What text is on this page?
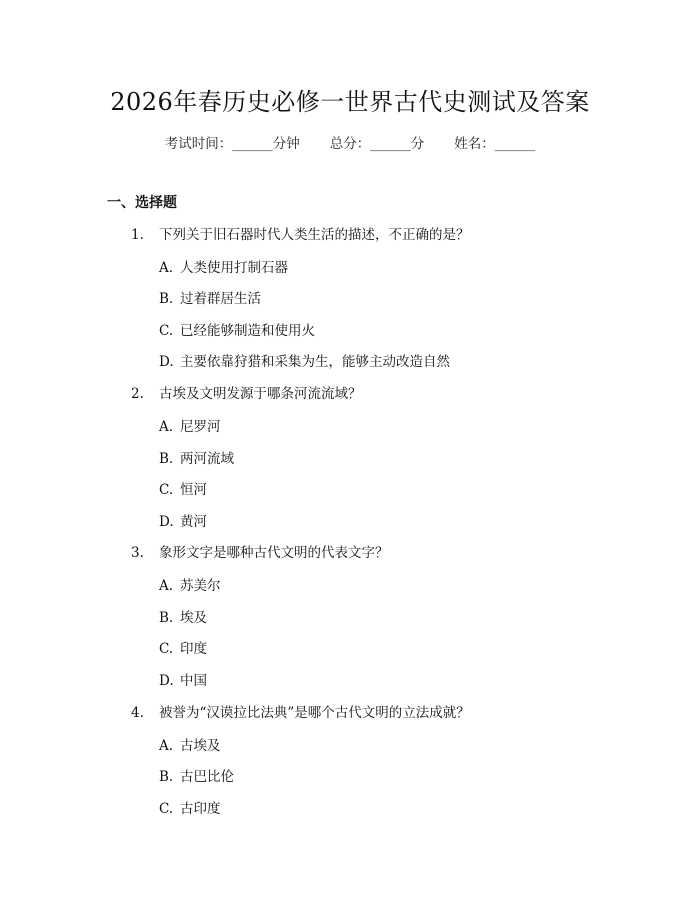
2026年春历史必修一世界古代史测试及答案
考试时间：______分钟 总分：______分 姓名：______
一、选择题
1. 下列关于旧石器时代人类生活的描述，不正确的是？
A. 人类使用打制石器
B. 过着群居生活
C. 已经能够制造和使用火
D. 主要依靠狩猎和采集为生，能够主动改造自然
2. 古埃及文明发源于哪条河流流域？
A. 尼罗河
B. 两河流域
C. 恒河
D. 黄河
3. 象形文字是哪种古代文明的代表文字？
A. 苏美尔
B. 埃及
C. 印度
D. 中国
4. 被誉为“汉谟拉比法典”是哪个古代文明的立法成就？
A. 古埃及
B. 古巴比伦
C. 古印度
